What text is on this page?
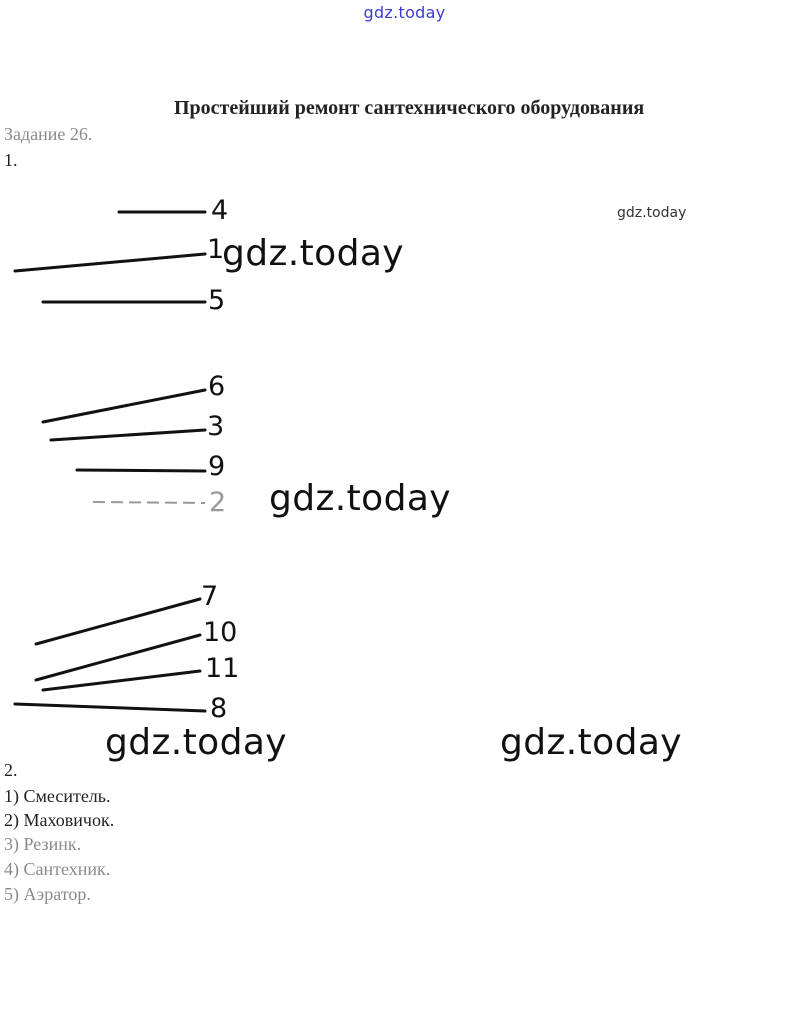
gdz.today
Простейший ремонт сантехнического оборудования
Задание 26.
1.
gdz.today
4
1
5
6
3
9
2
7
10
11
8
gdz.today
gdz.today
gdz.today	gdz.today
2.
1) Смеситель.
2) Маховичок.
3) Резинк.
4) Сантехник.
5) Аэратор.
